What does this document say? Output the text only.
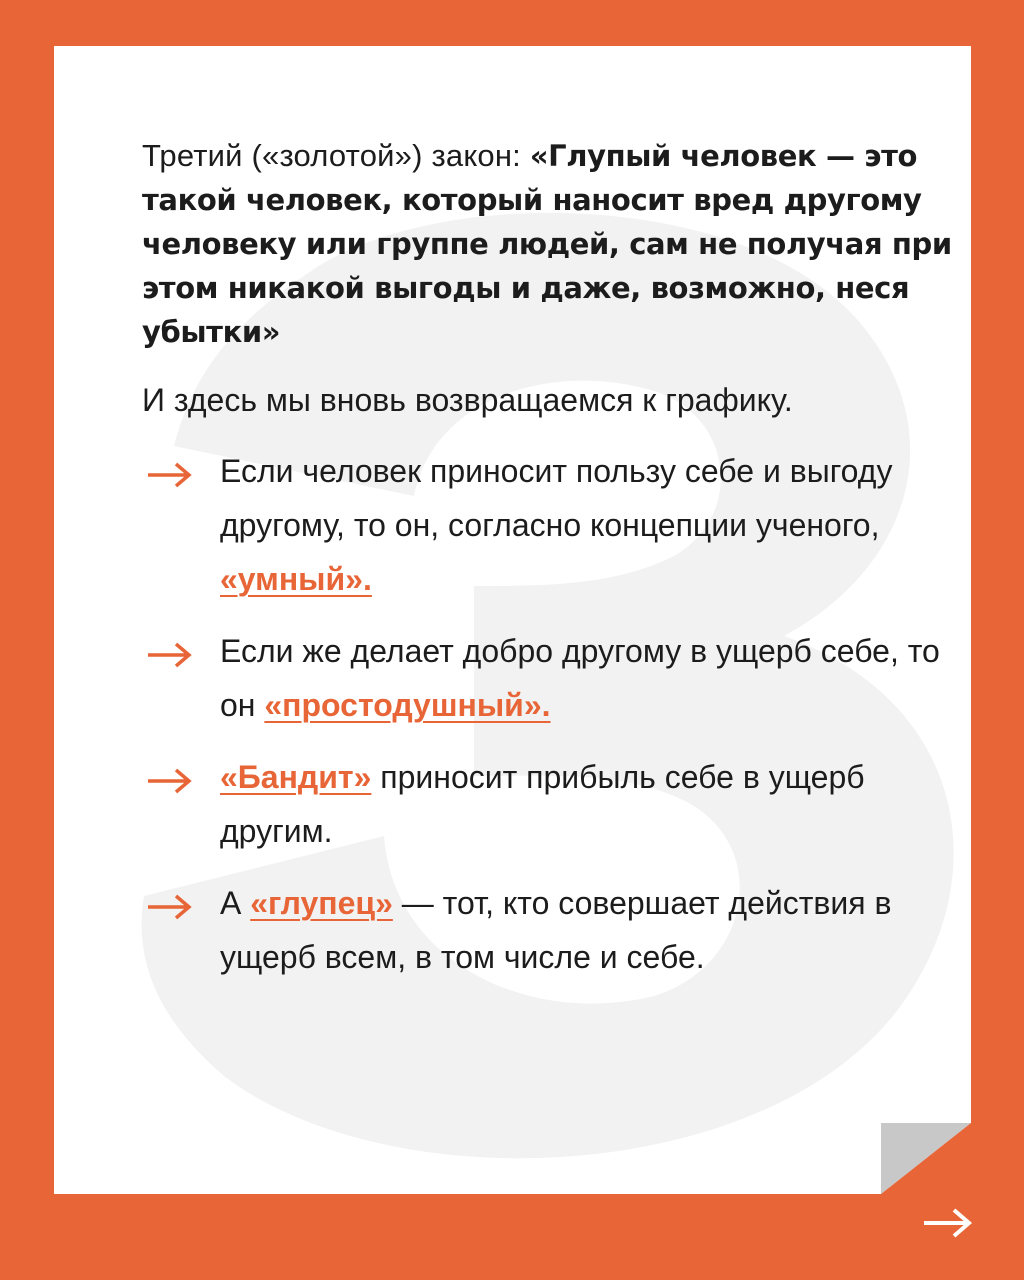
Третий («золотой») закон: «Глупый человек — это такой человек, который наносит вред другому человеку или группе людей, сам не получая при этом никакой выгоды и даже, возможно, неся убытки»

И здесь мы вновь возвращаемся к графику.

Если человек приносит пользу себе и выгоду другому, то он, согласно концепции ученого, «умный».
Если же делает добро другому в ущерб себе, то он «простодушный».
«Бандит» приносит прибыль себе в ущерб другим.
А «глупец» — тот, кто совершает действия в ущерб всем, в том числе и себе.
